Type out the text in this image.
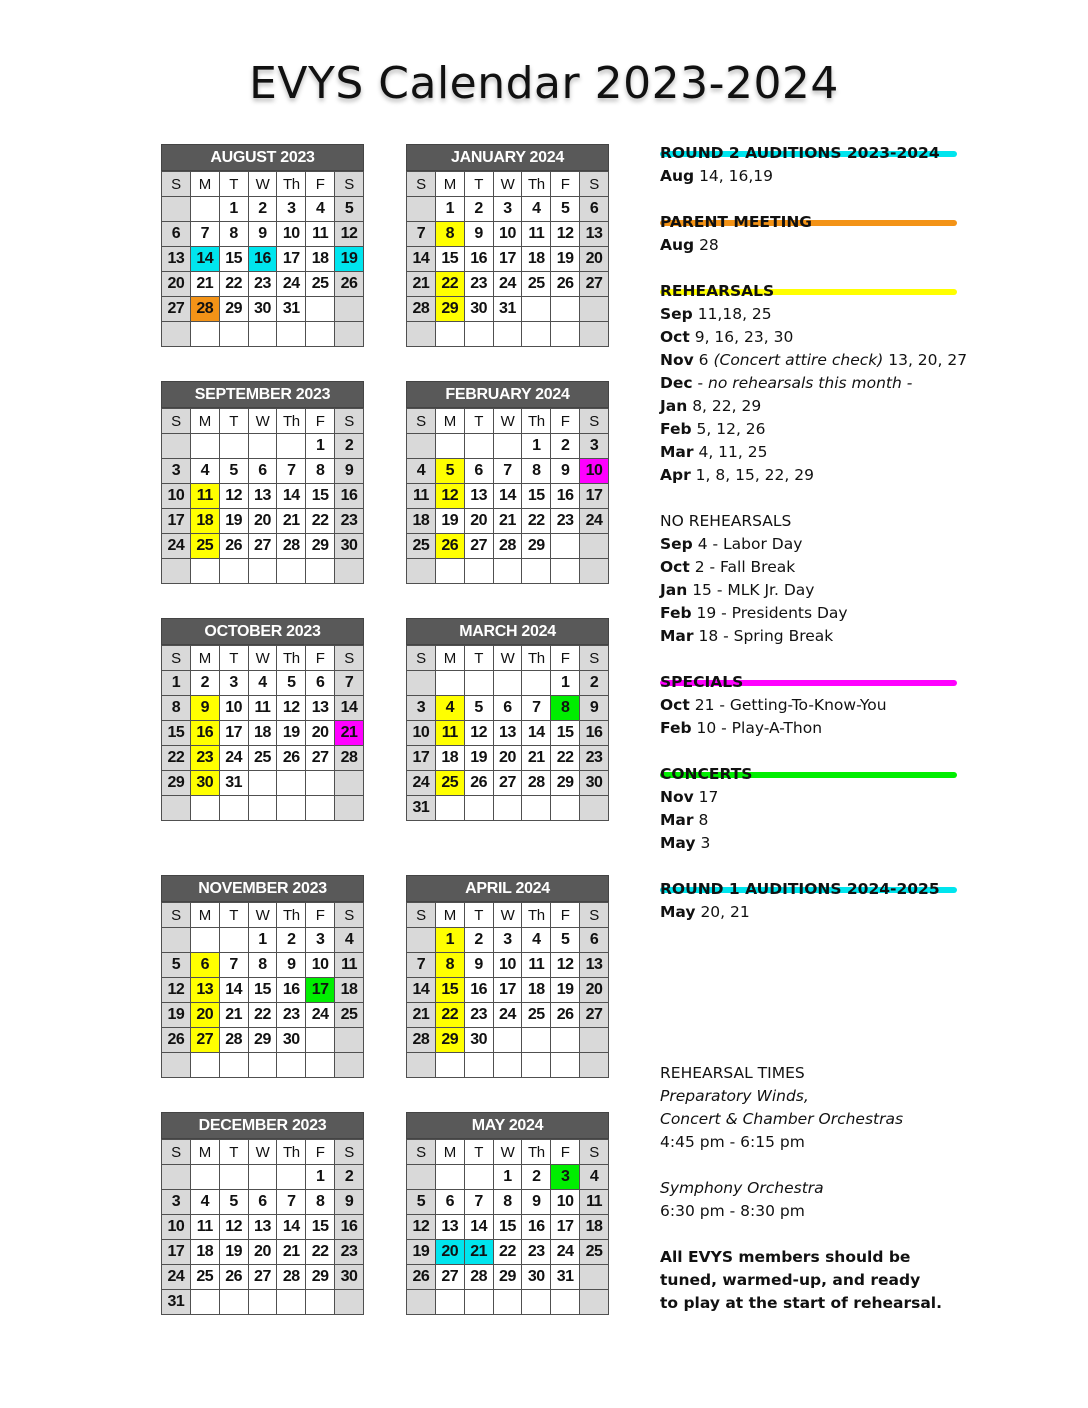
EVYS Calendar 2023-2024
AUGUST 2023
S	M	T	W	Th	F	S
		1	2	3	4	5
6	7	8	9	10	11	12
13	14	15	16	17	18	19
20	21	22	23	24	25	26
27	28	29	30	31		

SEPTEMBER 2023
S	M	T	W	Th	F	S
					1	2
3	4	5	6	7	8	9
10	11	12	13	14	15	16
17	18	19	20	21	22	23
24	25	26	27	28	29	30

OCTOBER 2023
S	M	T	W	Th	F	S
1	2	3	4	5	6	7
8	9	10	11	12	13	14
15	16	17	18	19	20	21
22	23	24	25	26	27	28
29	30	31				

NOVEMBER 2023
S	M	T	W	Th	F	S
			1	2	3	4
5	6	7	8	9	10	11
12	13	14	15	16	17	18
19	20	21	22	23	24	25
26	27	28	29	30		

DECEMBER 2023
S	M	T	W	Th	F	S
					1	2
3	4	5	6	7	8	9
10	11	12	13	14	15	16
17	18	19	20	21	22	23
24	25	26	27	28	29	30
31						
JANUARY 2024
S	M	T	W	Th	F	S
	1	2	3	4	5	6
7	8	9	10	11	12	13
14	15	16	17	18	19	20
21	22	23	24	25	26	27
28	29	30	31			

FEBRUARY 2024
S	M	T	W	Th	F	S
				1	2	3
4	5	6	7	8	9	10
11	12	13	14	15	16	17
18	19	20	21	22	23	24
25	26	27	28	29		

MARCH 2024
S	M	T	W	Th	F	S
					1	2
3	4	5	6	7	8	9
10	11	12	13	14	15	16
17	18	19	20	21	22	23
24	25	26	27	28	29	30
31						
APRIL 2024
S	M	T	W	Th	F	S
	1	2	3	4	5	6
7	8	9	10	11	12	13
14	15	16	17	18	19	20
21	22	23	24	25	26	27
28	29	30				

MAY 2024
S	M	T	W	Th	F	S
			1	2	3	4
5	6	7	8	9	10	11
12	13	14	15	16	17	18
19	20	21	22	23	24	25
26	27	28	29	30	31	

ROUND 2 AUDITIONS 2023-2024
Aug 14, 16,19
PARENT MEETING
Aug 28
REHEARSALS
Sep 11,18, 25
Oct 9, 16, 23, 30
Nov 6 (Concert attire check) 13, 20, 27
Dec - no rehearsals this month -
Jan 8, 22, 29
Feb 5, 12, 26
Mar 4, 11, 25
Apr 1, 8, 15, 22, 29
NO REHEARSALS
Sep 4 - Labor Day
Oct 2 - Fall Break
Jan 15 - MLK Jr. Day
Feb 19 - Presidents Day
Mar 18 - Spring Break
SPECIALS
Oct 21 - Getting-To-Know-You
Feb 10 - Play-A-Thon
CONCERTS
Nov 17
Mar 8
May 3
ROUND 1 AUDITIONS 2024-2025
May 20, 21
REHEARSAL TIMES
Preparatory Winds,
Concert & Chamber Orchestras
4:45 pm - 6:15 pm
Symphony Orchestra
6:30 pm - 8:30 pm
All EVYS members should be
tuned, warmed-up, and ready
to play at the start of rehearsal.
